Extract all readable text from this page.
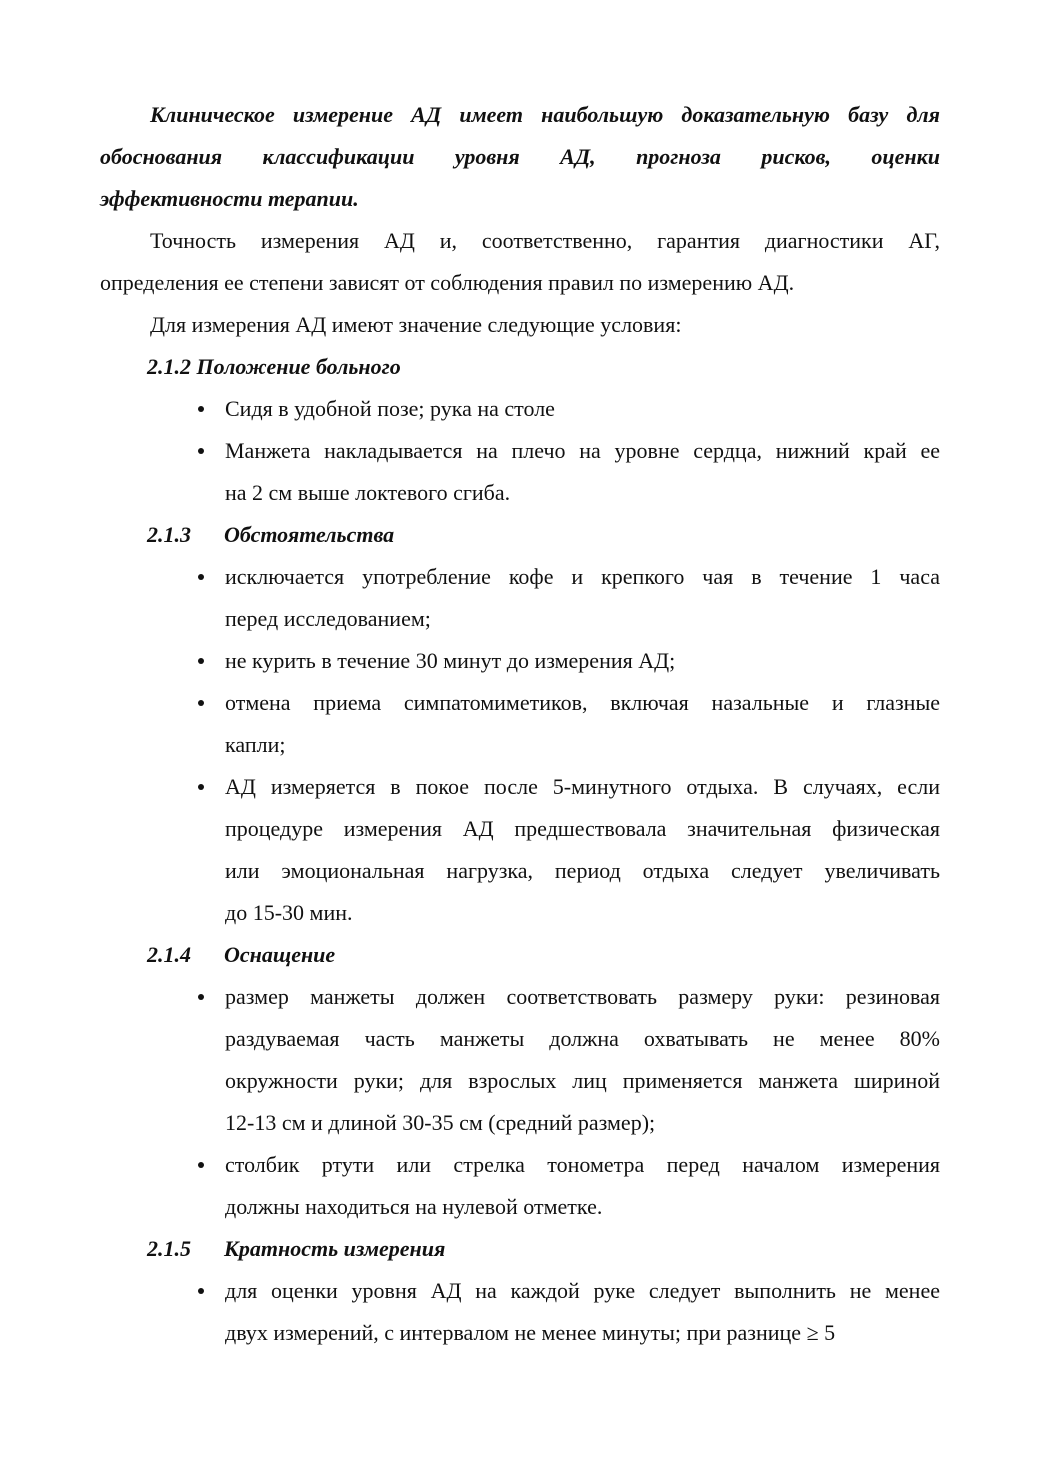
Клиническое измерение АД имеет наибольшую доказательную базу для

обоснования классификации уровня АД, прогноза рисков, оценки

эффективности терапии.

Точность измерения АД и, соответственно, гарантия диагностики АГ,

определения ее степени зависят от соблюдения правил по измерению АД.

Для измерения АД имеют значение следующие условия:

2.1.2 Положение больного
Сидя в удобной позе; рука на столе
Манжета накладывается на плечо на уровне сердца, нижний край ее
на 2 см выше локтевого сгиба.
2.1.3 Обстоятельства
исключается употребление кофе и крепкого чая в течение 1 часа
перед исследованием;
не курить в течение 30 минут до измерения АД;
отмена приема симпатомиметиков, включая назальные и глазные
капли;
АД измеряется в покое после 5-минутного отдыха. В случаях, если
процедуре измерения АД предшествовала значительная физическая
или эмоциональная нагрузка, период отдыха следует увеличивать
до 15-30 мин.
2.1.4 Оснащение
размер манжеты должен соответствовать размеру руки: резиновая
раздуваемая часть манжеты должна охватывать не менее 80%
окружности руки; для взрослых лиц применяется манжета шириной
12-13 см и длиной 30-35 см (средний размер);
столбик ртути или стрелка тонометра перед началом измерения
должны находиться на нулевой отметке.
2.1.5 Кратность измерения
для оценки уровня АД на каждой руке следует выполнить не менее
двух измерений, с интервалом не менее минуты; при разнице ≥ 5
